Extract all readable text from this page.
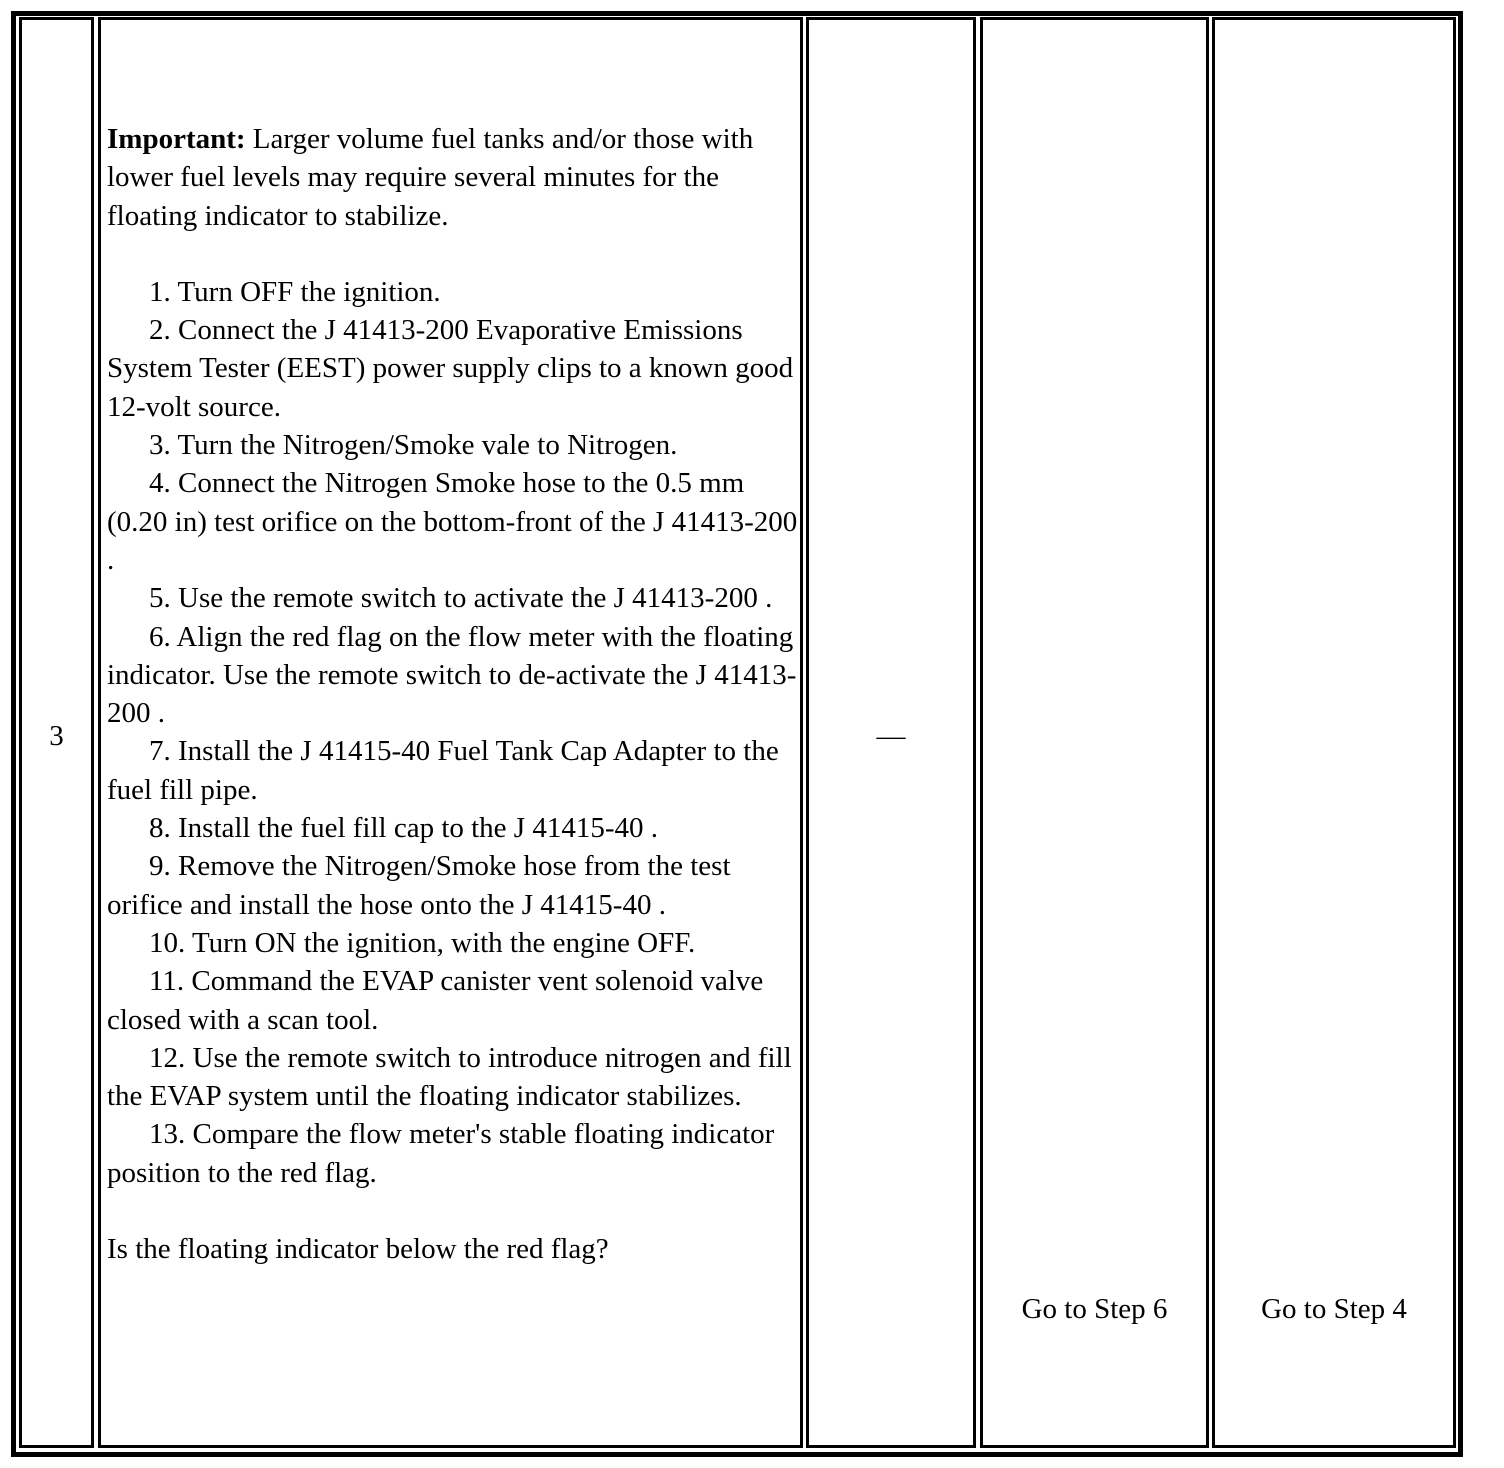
3

Important: Larger volume fuel tanks and/or those with lower fuel levels may require several minutes for the floating indicator to stabilize.

1. Turn OFF the ignition.

2. Connect the J 41413-200 Evaporative Emissions System Tester (EEST) power supply clips to a known good 12-volt source.

3. Turn the Nitrogen/Smoke vale to Nitrogen.

4. Connect the Nitrogen Smoke hose to the 0.5 mm (0.20 in) test orifice on the bottom-front of the J 41413-200 .

5. Use the remote switch to activate the J 41413-200 .

6. Align the red flag on the flow meter with the floating indicator. Use the remote switch to de-activate the J 41413-200 .

7. Install the J 41415-40 Fuel Tank Cap Adapter to the fuel fill pipe.

8. Install the fuel fill cap to the J 41415-40 .

9. Remove the Nitrogen/Smoke hose from the test orifice and install the hose onto the J 41415-40 .

10. Turn ON the ignition, with the engine OFF.

11. Command the EVAP canister vent solenoid valve closed with a scan tool.

12. Use the remote switch to introduce nitrogen and fill the EVAP system until the floating indicator stabilizes.

13. Compare the flow meter's stable floating indicator position to the red flag.

Is the floating indicator below the red flag?

—
Go to Step 6	Go to Step 4
